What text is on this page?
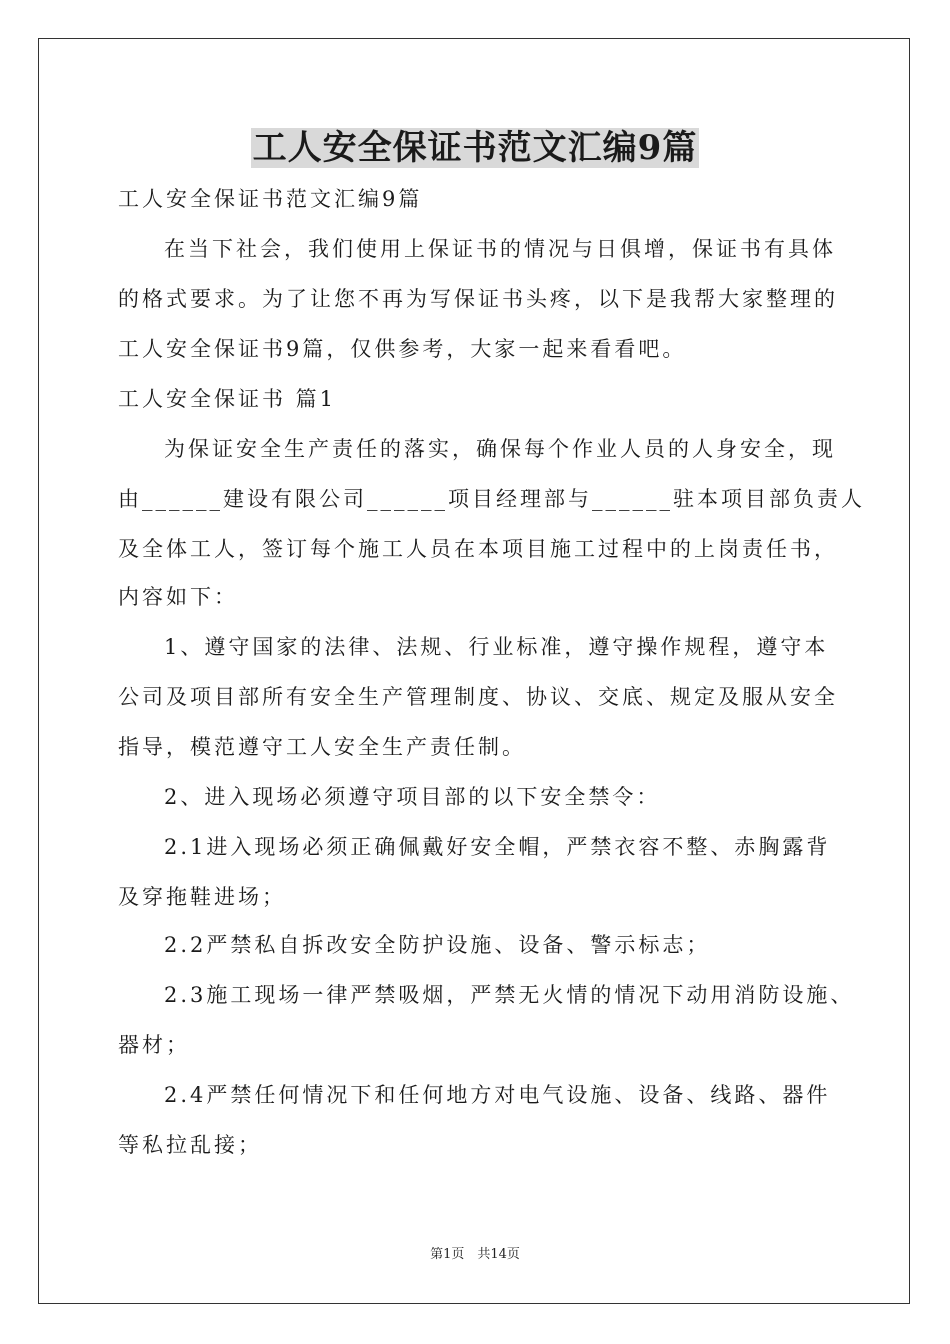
工人安全保证书范文汇编9篇

工人安全保证书范文汇编9篇

在当下社会，我们使用上保证书的情况与日俱增，保证书有具体

的格式要求。为了让您不再为写保证书头疼，以下是我帮大家整理的

工人安全保证书9篇，仅供参考，大家一起来看看吧。

工人安全保证书 篇1

为保证安全生产责任的落实，确保每个作业人员的人身安全，现

由______建设有限公司______项目经理部与______驻本项目部负责人

及全体工人，签订每个施工人员在本项目施工过程中的上岗责任书，

内容如下：

1、遵守国家的法律、法规、行业标准，遵守操作规程，遵守本

公司及项目部所有安全生产管理制度、协议、交底、规定及服从安全

指导，模范遵守工人安全生产责任制。

2、进入现场必须遵守项目部的以下安全禁令：

2.1进入现场必须正确佩戴好安全帽，严禁衣容不整、赤胸露背

及穿拖鞋进场；

2.2严禁私自拆改安全防护设施、设备、警示标志；

2.3施工现场一律严禁吸烟，严禁无火情的情况下动用消防设施、

器材；

2.4严禁任何情况下和任何地方对电气设施、设备、线路、器件

等私拉乱接；

第1页　共14页
